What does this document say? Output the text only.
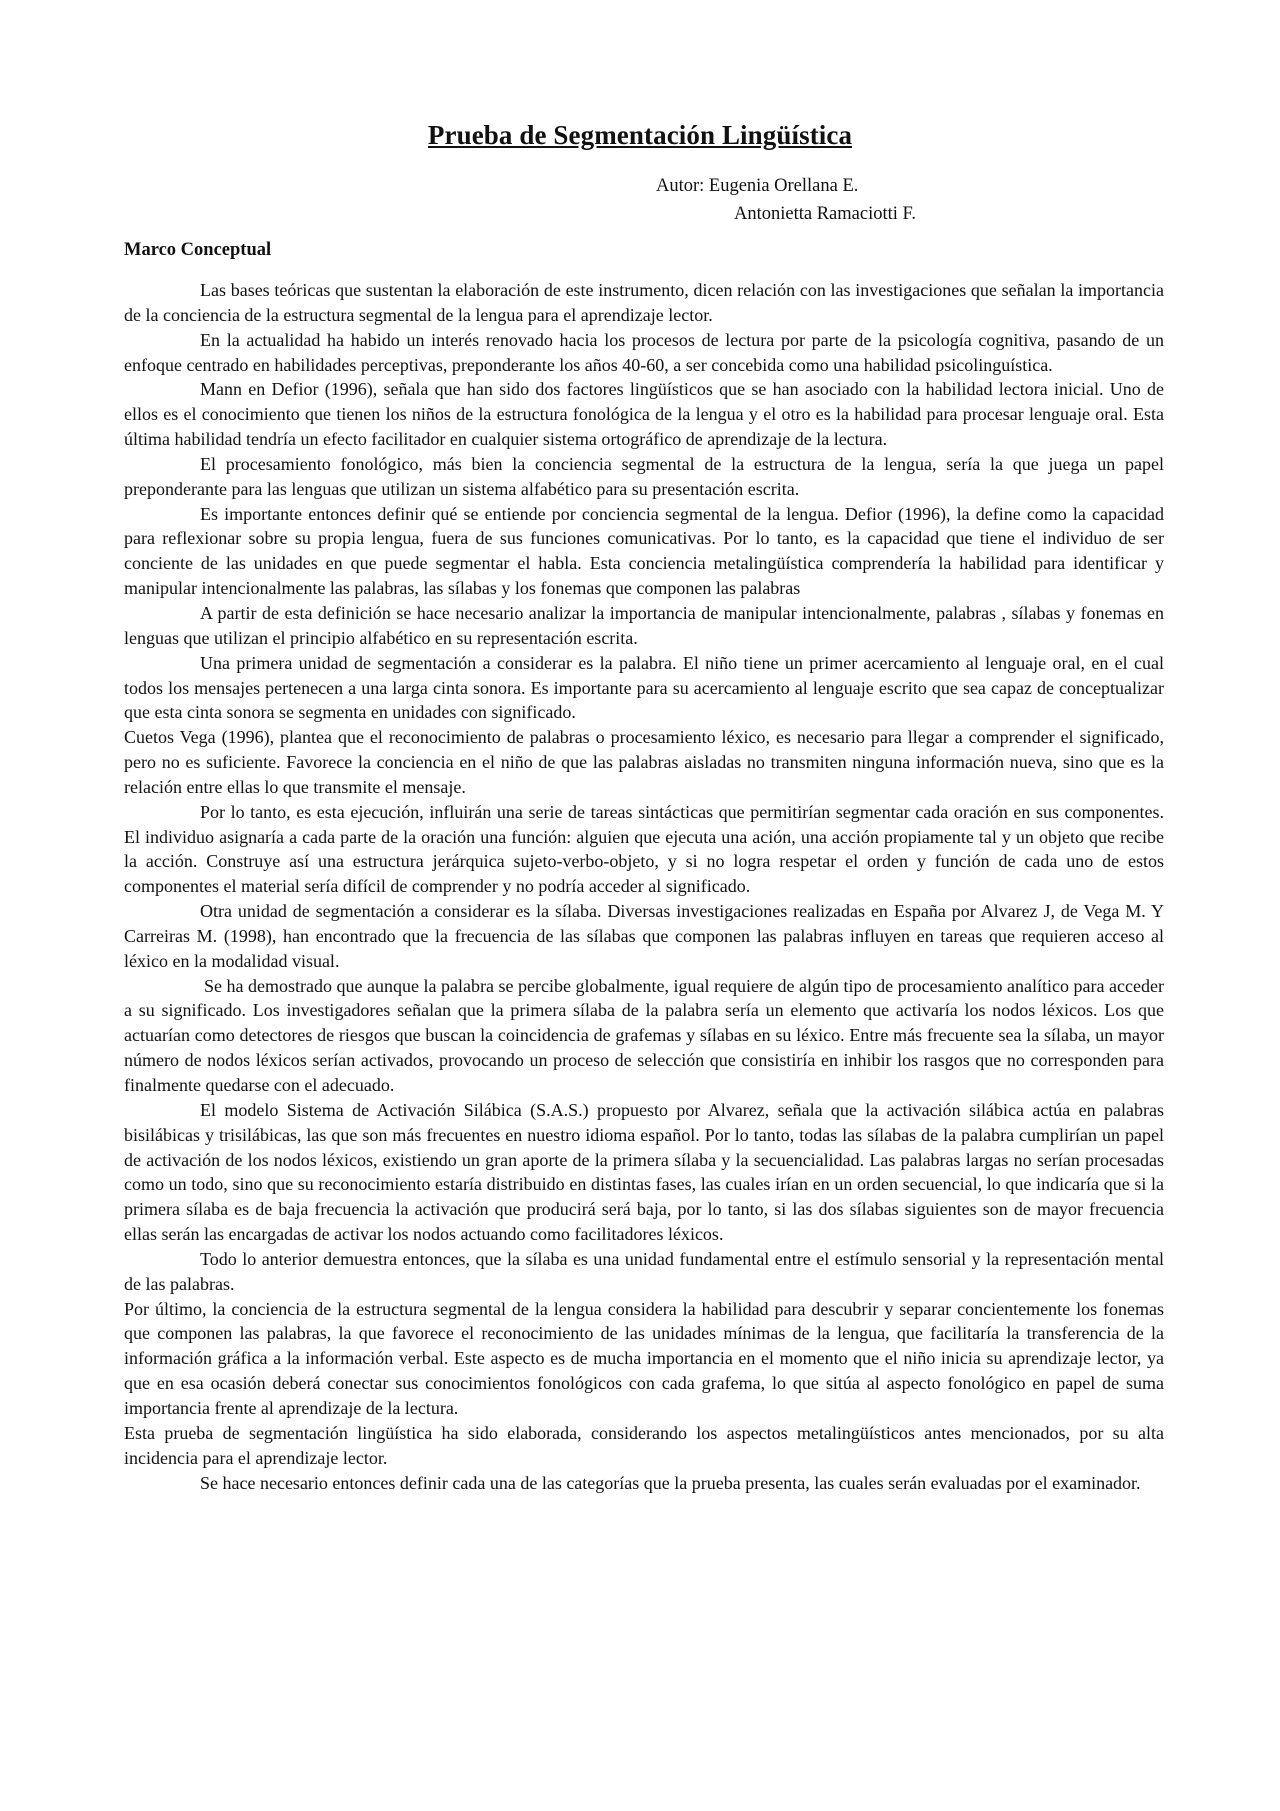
Prueba de Segmentación Lingüística
Autor: Eugenia Orellana E.
Antonietta Ramaciotti F.
Marco Conceptual

Las bases teóricas que sustentan la elaboración de este instrumento, dicen relación con las investigaciones que señalan la importancia de la conciencia de la estructura segmental de la lengua para el aprendizaje lector.

En la actualidad ha habido un interés renovado hacia los procesos de lectura por parte de la psicología cognitiva, pasando de un enfoque centrado en habilidades perceptivas, preponderante los años 40-60, a ser concebida como una habilidad psicolinguística.

Mann en Defior (1996), señala que han sido dos factores lingüísticos que se han asociado con la habilidad lectora inicial. Uno de ellos es el conocimiento que tienen los niños de la estructura fonológica de la lengua y el otro es la habilidad para procesar lenguaje oral. Esta última habilidad tendría un efecto facilitador en cualquier sistema ortográfico de aprendizaje de la lectura.

El procesamiento fonológico, más bien la conciencia segmental de la estructura de la lengua, sería la que juega un papel preponderante para las lenguas que utilizan un sistema alfabético para su presentación escrita.

Es importante entonces definir qué se entiende por conciencia segmental de la lengua. Defior (1996), la define como la capacidad para reflexionar sobre su propia lengua, fuera de sus funciones comunicativas. Por lo tanto, es la capacidad que tiene el individuo de ser conciente de las unidades en que puede segmentar el habla. Esta conciencia metalingüística comprendería la habilidad para identificar y manipular intencionalmente las palabras, las sílabas y los fonemas que componen las palabras

A partir de esta definición se hace necesario analizar la importancia de manipular intencionalmente, palabras , sílabas y fonemas en lenguas que utilizan el principio alfabético en su representación escrita.

Una primera unidad de segmentación a considerar es la palabra. El niño tiene un primer acercamiento al lenguaje oral, en el cual todos los mensajes pertenecen a una larga cinta sonora. Es importante para su acercamiento al lenguaje escrito que sea capaz de conceptualizar que esta cinta sonora se segmenta en unidades con significado.

Cuetos Vega (1996), plantea que el reconocimiento de palabras o procesamiento léxico, es necesario para llegar a comprender el significado, pero no es suficiente. Favorece la conciencia en el niño de que las palabras aisladas no transmiten ninguna información nueva, sino que es la relación entre ellas lo que transmite el mensaje.

Por lo tanto, es esta ejecución, influirán una serie de tareas sintácticas que permitirían segmentar cada oración en sus componentes. El individuo asignaría a cada parte de la oración una función: alguien que ejecuta una ación, una acción propiamente tal y un objeto que recibe la acción. Construye así una estructura jerárquica sujeto-verbo-objeto, y si no logra respetar el orden y función de cada uno de estos componentes el material sería difícil de comprender y no podría acceder al significado.

Otra unidad de segmentación a considerar es la sílaba. Diversas investigaciones realizadas en España por Alvarez J, de Vega M. Y Carreiras M. (1998), han encontrado que la frecuencia de las sílabas que componen las palabras influyen en tareas que requieren acceso al léxico en la modalidad visual.

Se ha demostrado que aunque la palabra se percibe globalmente, igual requiere de algún tipo de procesamiento analítico para acceder a su significado. Los investigadores señalan que la primera sílaba de la palabra sería un elemento que activaría los nodos léxicos. Los que actuarían como detectores de riesgos que buscan la coincidencia de grafemas y sílabas en su léxico. Entre más frecuente sea la sílaba, un mayor número de nodos léxicos serían activados, provocando un proceso de selección que consistiría en inhibir los rasgos que no corresponden para finalmente quedarse con el adecuado.

El modelo Sistema de Activación Silábica (S.A.S.) propuesto por Alvarez, señala que la activación silábica actúa en palabras bisilábicas y trisilábicas, las que son más frecuentes en nuestro idioma español. Por lo tanto, todas las sílabas de la palabra cumplirían un papel de activación de los nodos léxicos, existiendo un gran aporte de la primera sílaba y la secuencialidad. Las palabras largas no serían procesadas como un todo, sino que su reconocimiento estaría distribuido en distintas fases, las cuales irían en un orden secuencial, lo que indicaría que si la primera sílaba es de baja frecuencia la activación que producirá será baja, por lo tanto, si las dos sílabas siguientes son de mayor frecuencia ellas serán las encargadas de activar los nodos actuando como facilitadores léxicos.

Todo lo anterior demuestra entonces, que la sílaba es una unidad fundamental entre el estímulo sensorial y la representación mental de las palabras.

Por último, la conciencia de la estructura segmental de la lengua considera la habilidad para descubrir y separar concientemente los fonemas que componen las palabras, la que favorece el reconocimiento de las unidades mínimas de la lengua, que facilitaría la transferencia de la información gráfica a la información verbal. Este aspecto es de mucha importancia en el momento que el niño inicia su aprendizaje lector, ya que en esa ocasión deberá conectar sus conocimientos fonológicos con cada grafema, lo que sitúa al aspecto fonológico en papel de suma importancia frente al aprendizaje de la lectura.

Esta prueba de segmentación lingüística ha sido elaborada, considerando los aspectos metalingüísticos antes mencionados, por su alta incidencia para el aprendizaje lector.

Se hace necesario entonces definir cada una de las categorías que la prueba presenta, las cuales serán evaluadas por el examinador.
